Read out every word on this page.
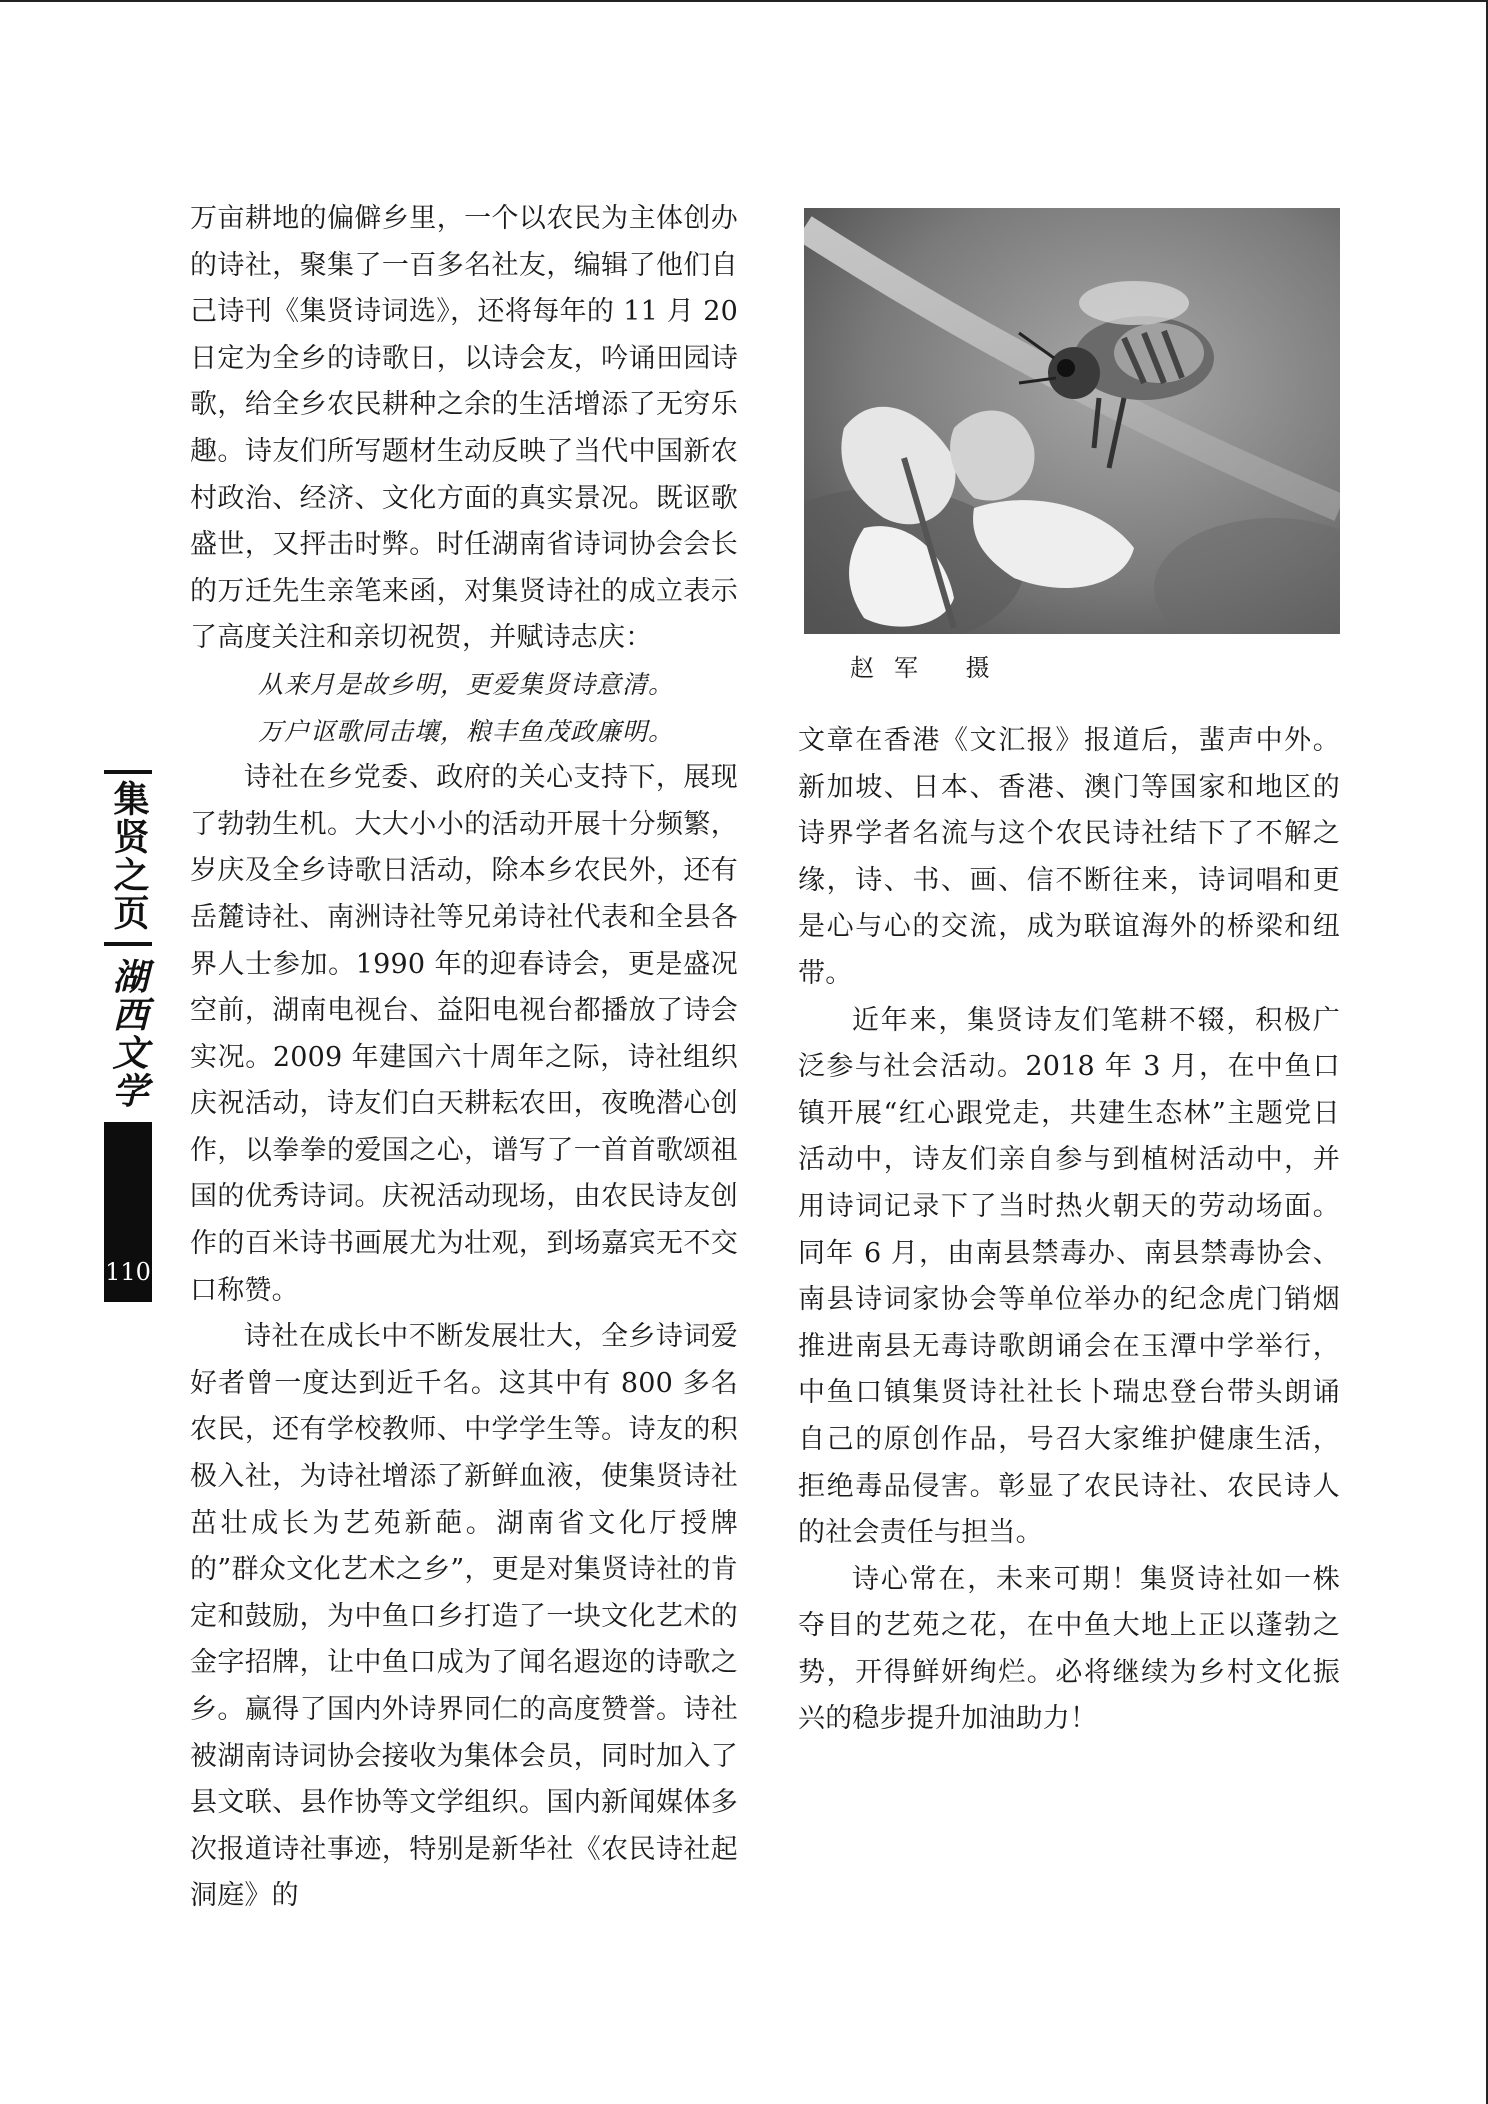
万亩耕地的偏僻乡里，一个以农民为主体创办的诗社，聚集了一百多名社友，编辑了他们自己诗刊《集贤诗词选》，还将每年的 11 月 20 日定为全乡的诗歌日，以诗会友，吟诵田园诗歌，给全乡农民耕种之余的生活增添了无穷乐趣。诗友们所写题材生动反映了当代中国新农村政治、经济、文化方面的真实景况。既讴歌盛世，又抨击时弊。时任湖南省诗词协会会长的万迁先生亲笔来函，对集贤诗社的成立表示了高度关注和亲切祝贺，并赋诗志庆：

从来月是故乡明，更爱集贤诗意清。

万户讴歌同击壤，粮丰鱼茂政廉明。

诗社在乡党委、政府的关心支持下，展现了勃勃生机。大大小小的活动开展十分频繁，岁庆及全乡诗歌日活动，除本乡农民外，还有岳麓诗社、南洲诗社等兄弟诗社代表和全县各界人士参加。1990 年的迎春诗会，更是盛况空前，湖南电视台、益阳电视台都播放了诗会实况。2009 年建国六十周年之际，诗社组织庆祝活动，诗友们白天耕耘农田，夜晚潜心创作，以拳拳的爱国之心，谱写了一首首歌颂祖国的优秀诗词。庆祝活动现场，由农民诗友创作的百米诗书画展尤为壮观，到场嘉宾无不交口称赞。

诗社在成长中不断发展壮大，全乡诗词爱好者曾一度达到近千名。这其中有 800 多名农民，还有学校教师、中学学生等。诗友的积极入社，为诗社增添了新鲜血液，使集贤诗社茁壮成长为艺苑新葩。湖南省文化厅授牌的”群众文化艺术之乡”，更是对集贤诗社的肯定和鼓励，为中鱼口乡打造了一块文化艺术的金字招牌，让中鱼口成为了闻名遐迩的诗歌之乡。赢得了国内外诗界同仁的高度赞誉。诗社被湖南诗词协会接收为集体会员，同时加入了县文联、县作协等文学组织。国内新闻媒体多次报道诗社事迹，特别是新华社《农民诗社起洞庭》的

赵军 摄

文章在香港《文汇报》报道后，蜚声中外。新加坡、日本、香港、澳门等国家和地区的诗界学者名流与这个农民诗社结下了不解之缘，诗、书、画、信不断往来，诗词唱和更是心与心的交流，成为联谊海外的桥梁和纽带。

近年来，集贤诗友们笔耕不辍，积极广泛参与社会活动。2018 年 3 月，在中鱼口镇开展“红心跟党走，共建生态林”主题党日活动中，诗友们亲自参与到植树活动中，并用诗词记录下了当时热火朝天的劳动场面。同年 6 月，由南县禁毒办、南县禁毒协会、南县诗词家协会等单位举办的纪念虎门销烟推进南县无毒诗歌朗诵会在玉潭中学举行，中鱼口镇集贤诗社社长卜瑞忠登台带头朗诵自己的原创作品，号召大家维护健康生活，拒绝毒品侵害。彰显了农民诗社、农民诗人的社会责任与担当。

诗心常在，未来可期！集贤诗社如一株夺目的艺苑之花，在中鱼大地上正以蓬勃之势，开得鲜妍绚烂。必将继续为乡村文化振兴的稳步提升加油助力！

集贤之页
湖西文学
110
